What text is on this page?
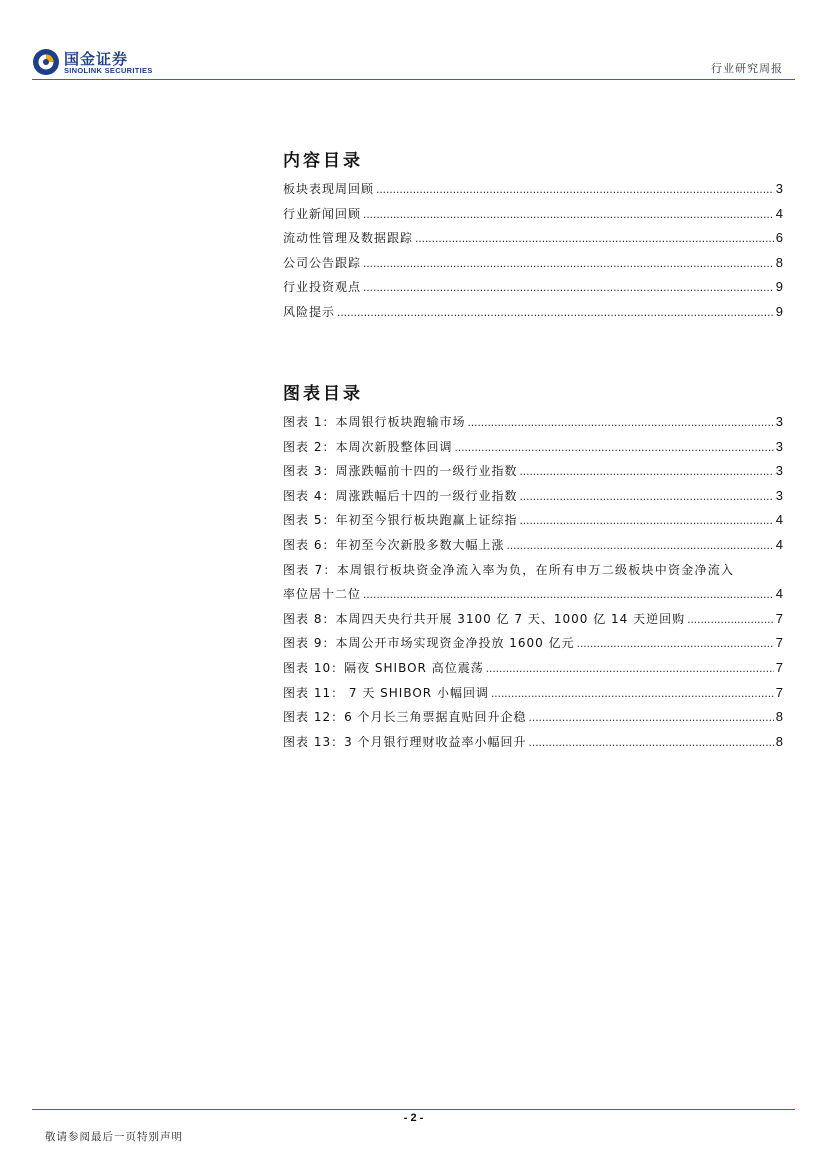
国金证券
SINOLINK SECURITIES	行业研究周报
内容目录
板块表现周回顾 .....	3
行业新闻回顾 .....	4
流动性管理及数据跟踪 .....	6
公司公告跟踪 .....	8
行业投资观点 .....	9
风险提示 .....	9
图表目录
图表 1：本周银行板块跑输市场 .....	3
图表 2：本周次新股整体回调 .....	3
图表 3：周涨跌幅前十四的一级行业指数 .....	3
图表 4：周涨跌幅后十四的一级行业指数 .....	3
图表 5：年初至今银行板块跑赢上证综指 .....	4
图表 6：年初至今次新股多数大幅上涨 .....	4
图表 7：本周银行板块资金净流入率为负，在所有申万二级板块中资金净流入
率位居十二位 .....	4
图表 8：本周四天央行共开展 3100 亿 7 天、1000 亿 14 天逆回购 .....	7
图表 9：本周公开市场实现资金净投放 1600 亿元 .....	7
图表 10：隔夜 SHIBOR 高位震荡 .....	7
图表 11： 7 天 SHIBOR 小幅回调 .....	7
图表 12：6 个月长三角票据直贴回升企稳 .....	8
图表 13：3 个月银行理财收益率小幅回升 .....	8
- 2 -
敬请参阅最后一页特别声明
